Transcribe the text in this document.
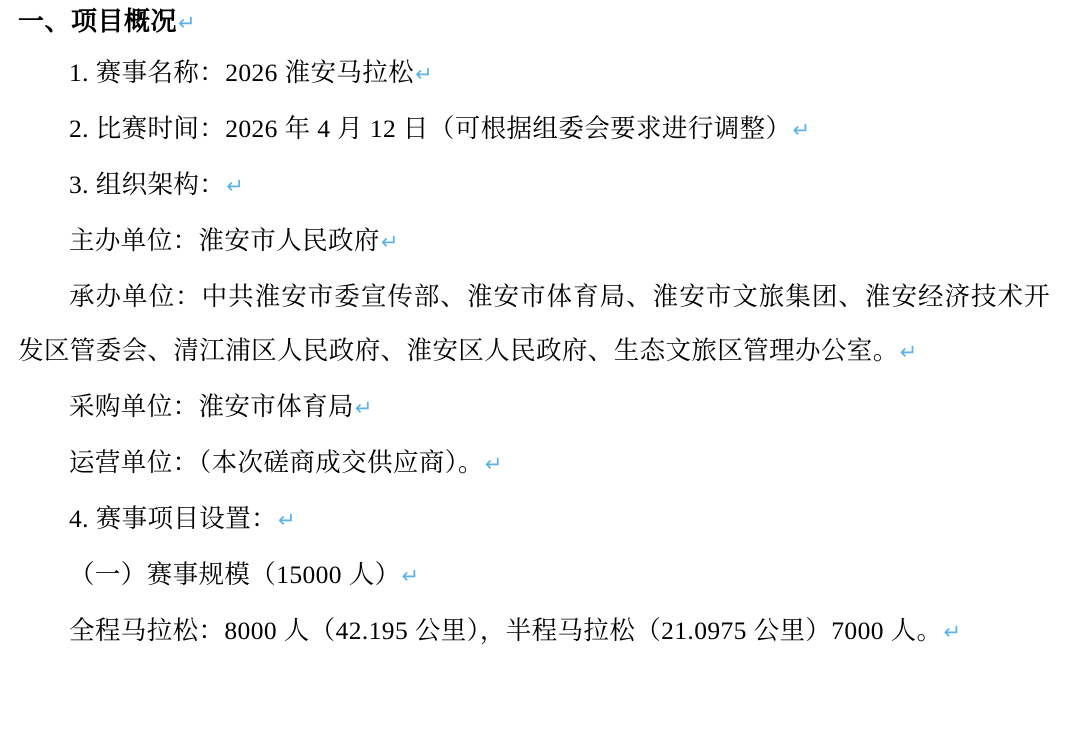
一、项目概况↵
1. 赛事名称：2026 淮安马拉松↵
2. 比赛时间：2026 年 4 月 12 日（可根据组委会要求进行调整）↵
3. 组织架构：↵
主办单位：淮安市人民政府↵
承办单位：中共淮安市委宣传部、淮安市体育局、淮安市文旅集团、淮安经济技术开发区管委会、清江浦区人民政府、淮安区人民政府、生态文旅区管理办公室。↵
采购单位：淮安市体育局↵
运营单位：（本次磋商成交供应商）。↵
4. 赛事项目设置：↵
（一）赛事规模（15000 人）↵
全程马拉松：8000 人（42.195 公里），半程马拉松（21.0975 公里）7000 人。↵
